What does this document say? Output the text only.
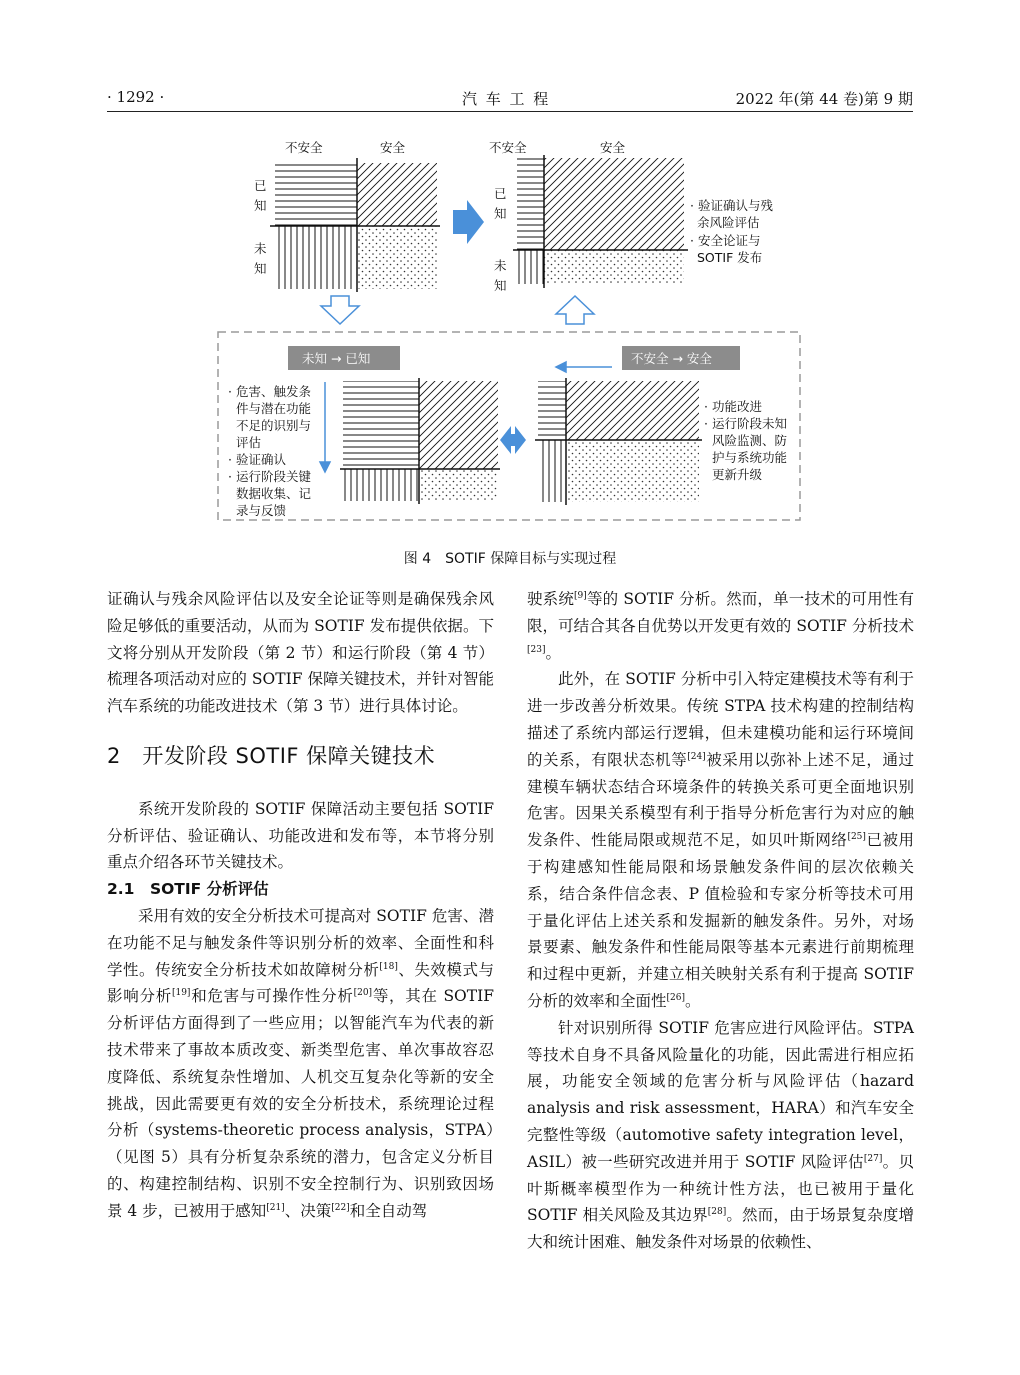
· 1292 ·	汽 车 工 程	2022 年(第 44 卷)第 9 期
不安全	安全
已
知
未
知
不安全	安全
已
知
未
知
· 验证确认与残
余风险评估
· 安全论证与
SOTIF 发布
未知 → 已知	不安全 → 安全
· 危害、触发条
件与潜在功能
不足的识别与
评估
· 验证确认
· 运行阶段关键
数据收集、记
录与反馈
· 功能改进
· 运行阶段未知
风险监测、防
护与系统功能
更新升级
图 4　SOTIF 保障目标与实现过程

证确认与残余风险评估以及安全论证等则是确保残余风险足够低的重要活动，从而为 SOTIF 发布提供依据。下文将分别从开发阶段（第 2 节）和运行阶段（第 4 节）梳理各项活动对应的 SOTIF 保障关键技术，并针对智能汽车系统的功能改进技术（第 3 节）进行具体讨论。

2　开发阶段 SOTIF 保障关键技术

系统开发阶段的 SOTIF 保障活动主要包括 SOTIF 分析评估、验证确认、功能改进和发布等，本节将分别重点介绍各环节关键技术。

2.1　SOTIF 分析评估

采用有效的安全分析技术可提高对 SOTIF 危害、潜在功能不足与触发条件等识别分析的效率、全面性和科学性。传统安全分析技术如故障树分析[18]、失效模式与影响分析[19]和危害与可操作性分析[20]等，其在 SOTIF 分析评估方面得到了一些应用；以智能汽车为代表的新技术带来了事故本质改变、新类型危害、单次事故容忍度降低、系统复杂性增加、人机交互复杂化等新的安全挑战，因此需要更有效的安全分析技术，系统理论过程分析（systems-theoretic process analysis，STPA）（见图 5）具有分析复杂系统的潜力，包含定义分析目的、构建控制结构、识别不安全控制行为、识别致因场景 4 步，已被用于感知[21]、决策[22]和全自动驾

驶系统[9]等的 SOTIF 分析。然而，单一技术的可用性有限，可结合其各自优势以开发更有效的 SOTIF 分析技术[23]。

此外，在 SOTIF 分析中引入特定建模技术等有利于进一步改善分析效果。传统 STPA 技术构建的控制结构描述了系统内部运行逻辑，但未建模功能和运行环境间的关系，有限状态机等[24]被采用以弥补上述不足，通过建模车辆状态结合环境条件的转换关系可更全面地识别危害。因果关系模型有利于指导分析危害行为对应的触发条件、性能局限或规范不足，如贝叶斯网络[25]已被用于构建感知性能局限和场景触发条件间的层次依赖关系，结合条件信念表、P 值检验和专家分析等技术可用于量化评估上述关系和发掘新的触发条件。另外，对场景要素、触发条件和性能局限等基本元素进行前期梳理和过程中更新，并建立相关映射关系有利于提高 SOTIF 分析的效率和全面性[26]。

针对识别所得 SOTIF 危害应进行风险评估。STPA 等技术自身不具备风险量化的功能，因此需进行相应拓展，功能安全领域的危害分析与风险评估（hazard analysis and risk assessment，HARA）和汽车安全完整性等级（automotive safety integration level，ASIL）被一些研究改进并用于 SOTIF 风险评估[27]。贝叶斯概率模型作为一种统计性方法，也已被用于量化 SOTIF 相关风险及其边界[28]。然而，由于场景复杂度增大和统计困难、触发条件对场景的依赖性、
